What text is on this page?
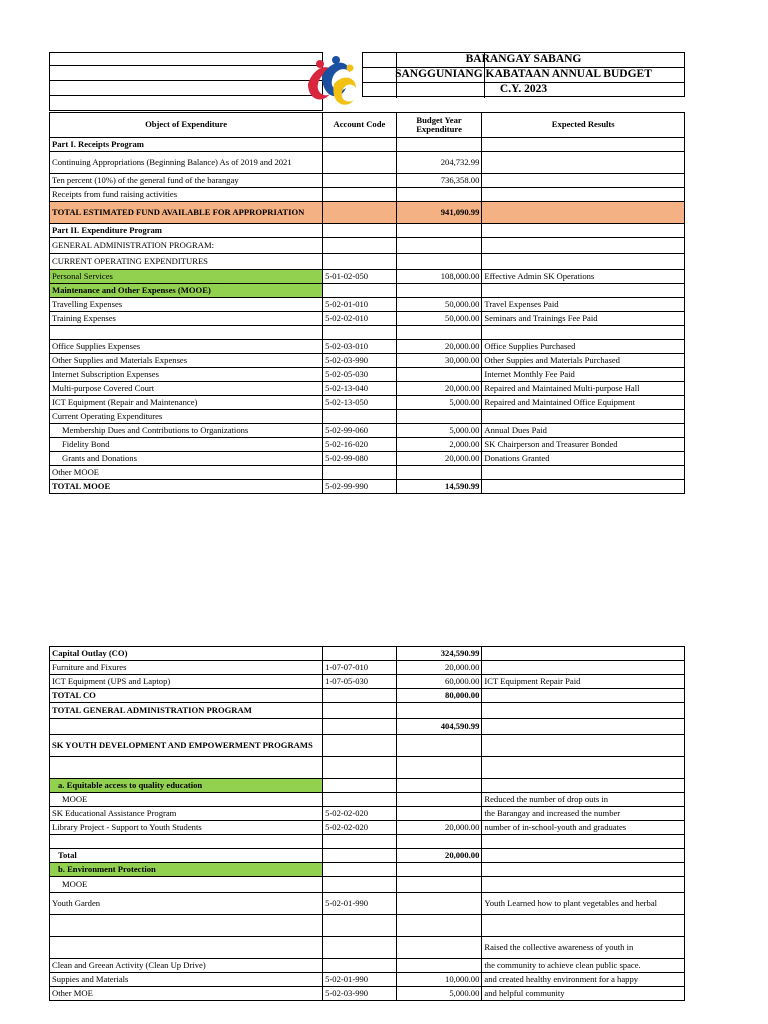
BARANGAY SABANG
SANGGUNIANG KABATAAN ANNUAL BUDGET
C.Y. 2023
Object of Expenditure	Account Code	Budget Year Expenditure	Expected Results
Part I. Receipts Program			
Continuing Appropriations (Beginning Balance) As of 2019 and 2021		204,732.99	
Ten percent (10%) of the general fund of the barangay		736,358.00	
Receipts from fund raising activities			
TOTAL ESTIMATED FUND AVAILABLE FOR APPROPRIATION		941,090.99	
Part II. Expenditure Program			
GENERAL ADMINISTRATION PROGRAM:			
CURRENT OPERATING EXPENDITURES			
Personal Services	5-01-02-050	108,000.00	Effective Admin SK Operations
Maintenance and Other Expenses (MOOE)			
Travelling Expenses	5-02-01-010	50,000.00	Travel Expenses Paid
Training Expenses	5-02-02-010	50,000.00	Seminars and Trainings Fee Paid

Office Supplies Expenses	5-02-03-010	20,000.00	Office Supplies Purchased
Other Supplies and Materials Expenses	5-02-03-990	30,000.00	Other Suppies and Materials Purchased
Internet Subscription Expenses	5-02-05-030		Internet Monthly Fee Paid
Multi-purpose Covered Court	5-02-13-040	20,000.00	Repaired and Maintained Multi-purpose Hall
ICT Equipment (Repair and Maintenance)	5-02-13-050	5,000.00	Repaired and Maintained Office Equipment
Current Operating Expenditures			
Membership Dues and Contributions to Organizations	5-02-99-060	5,000.00	Annual Dues Paid
Fidelity Bond	5-02-16-020	2,000.00	SK Chairperson and Treasurer Bonded
Grants and Donations	5-02-99-080	20,000.00	Donations Granted
Other MOOE			
TOTAL MOOE	5-02-99-990	14,590.99	
Capital Outlay (CO)		324,590.99	
Furniture and Fixures	1-07-07-010	20,000.00	
ICT Equipment (UPS and Laptop)	1-07-05-030	60,000.00	ICT Equipment Repair Paid
TOTAL CO		80,000.00	
TOTAL GENERAL ADMINISTRATION PROGRAM			
		404,590.99	
SK YOUTH DEVELOPMENT AND EMPOWERMENT PROGRAMS			

a. Equitable access to quality education			
MOOE			Reduced the number of drop outs in
SK Educational Assistance Program	5-02-02-020		the Barangay and increased the number
Library Project - Support to Youth Students	5-02-02-020	20,000.00	number of in-school-youth and graduates

Total		20,000.00	
b. Environment Protection			
MOOE			
Youth Garden	5-02-01-990		Youth Learned how to plant vegetables and herbal

			Raised the collective awareness of youth in
Clean and Greean Activity (Clean Up Drive)			the community to achieve clean public space.
Suppies and Materials	5-02-01-990	10,000.00	and created healthy environment for a happy
Other MOE	5-02-03-990	5,000.00	and helpful community
